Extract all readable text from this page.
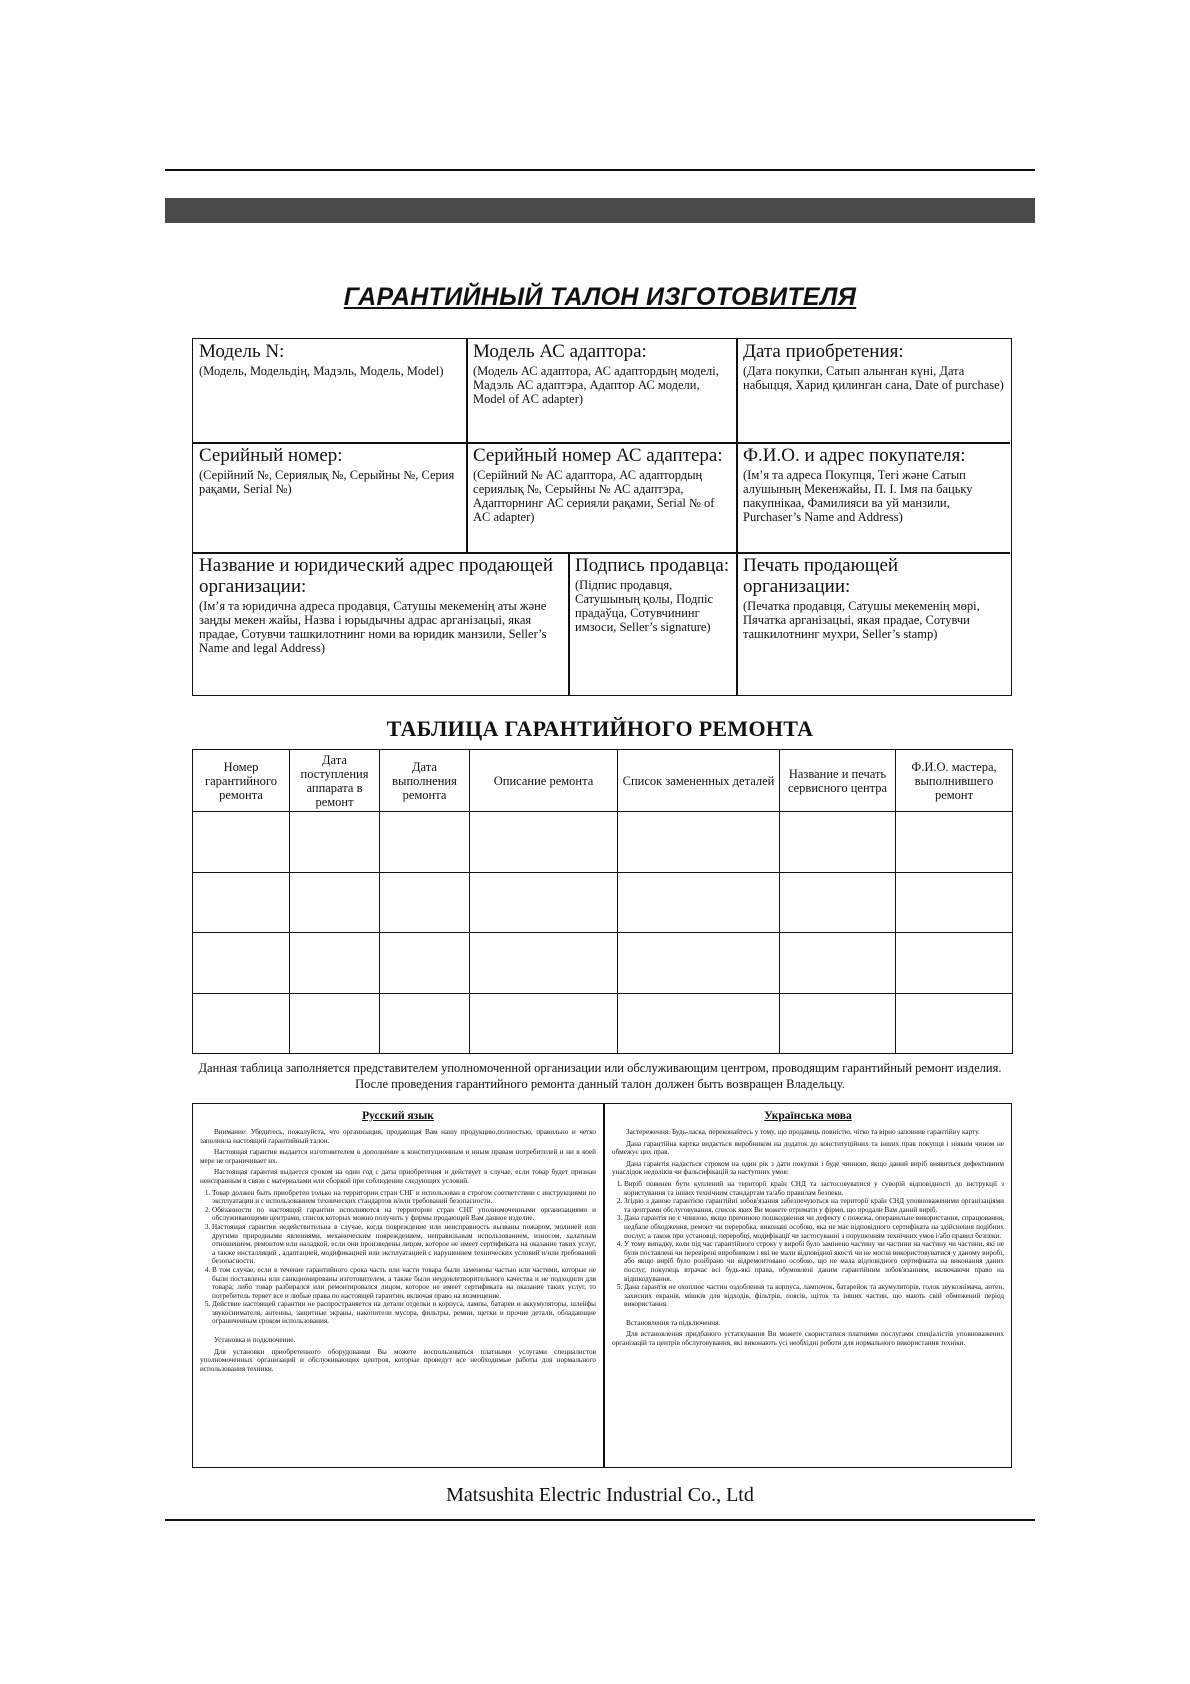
ГАРАНТИЙНЫЙ ТАЛОН ИЗГОТОВИТЕЛЯ
Модель N:
(Модель, Модельдің, Мадэль, Модель, Model)
Модель АС адаптора:
(Модель АС адаптора, АС адаптордың моделі, Мадэль АС адаптэра, Адаптор АС модели, Model of AC adapter)
Дата приобретения:
(Дата покупки, Сатып алынған күні, Дата набыцця, Харид қилинган сана, Date of purchase)
Серийный номер:
(Серійний №, Сериялық №, Серыйны №, Серия рақами, Serial №)
Серийный номер АС адаптера:
(Серійний № АС адаптора, АС адаптордың сериялық №, Серыйны № АС адаптэра, Адапторнинг АС серияли рақами, Serial № of AC adapter)
Ф.И.О. и адрес покупателя:
(Ім’я та адреса Покупця, Тегі және Сатып алушының Мекенжайы, П. І. Імя па бацьку пакупнікаа, Фамилияси ва уй манзили, Purchaser’s Name and Address)
Название и юридический адрес продающей организации:
(Ім’я та юридична адреса продавця, Сатушы мекеменің аты және заңды мекен жайы, Назва і юрыдычны адрас арганізацыі, якая прадае, Сотувчи ташкилотнинг номи ва юридик манзили, Seller’s Name and legal Address)
Подпись продавца:
(Підпис продавця, Сатушының қолы, Подпіс прадаўца, Сотувчининг имзоси, Seller’s signature)
Печать продающей организации:
(Печатка продавця, Сатушы мекеменің мөрі, Пячатка арганізацыі, якая прадае, Сотувчи ташкилотнинг мухри, Seller’s stamp)
ТАБЛИЦА ГАРАНТИЙНОГО РЕМОНТА
Номер гарантийного ремонта	Дата поступления аппарата в ремонт	Дата выполнения ремонта	Описание ремонта	Список замененных деталей	Название и печать сервисного центра	Ф.И.О. мастера, выполнившего ремонт

Данная таблица заполняется представителем уполномоченной организации или обслуживающим центром, проводящим гарантийный ремонт изделия.
После проведения гарантийного ремонта данный талон должен быть возвращен Владельцу.
Русский язык

Внимание: Убедитесь, пожалуйста, что организация, продающая Вам нашу продукцию,полностью, правильно и четко заполнила настоящий гарантийный талон.

Настоящая гарантия выдается изготовителем в дополнение к конституционным и иным правам потребителей и ни в коей мере не ограничивает их.

Настоящая гарантия выдается сроком на один год с даты приобретения и действует в случае, если товар будет признан неисправным в связи с материалами или сборкой при соблюдении следующих условий.

1. Товар должен быть приобретен только на территории стран СНГ и использован в строгом соответствии с инструкциями по эксплуатации и с использованием технических стандартов и/или требований безопасности.
2. Обязанности по настоящей гарантии исполняются на территории стран СНГ уполномоченными организациями и обслуживающими центрами, список которых можно получить у фирмы продающей Вам данное изделие.
3. Настоящая гарантия недействительна в случае, когда повреждение или неисправность вызваны пожаром, молнией или другими природными явлениями, механическим повреждением, неправильным использованием, износом, халатным отношением, ремонтом или наладкой, если они произведены лицом, которое не имеет сертификата на оказание таких услуг, а также инсталляций , адаптацией, модификацией или эксплуатацией с нарушением технических условий и/или требований безопасности.
4. В том случае, если в течение гарантийного срока часть или части товара были заменены частью или частями, которые не были поставлены или санкционированы изготовителем, а также были неудовлетворительного качества и не подходили для товара; либо товар разбирался или ремонтировался лицом, которое не имеет сертификата на оказание таких услуг, то потребитель теряет все и любые права по настоящей гарантии, включая право на возмещение.
5. Действие настоящей гарантии не распространяется на детали отделки и корпуса, лампы, батареи и аккумуляторы, шлейфы звукоснимателя, антенны, защитные экраны, накопители мусора, фильтры, ремни, щетки и прочие детали, обладающие ограниченным сроком использования.

Установка и подключение.

Для установки приобретенного оборудования Вы можете воспользоваться платными услугами специалистов уполномоченных организаций и обслуживающих центров, которые проведут все необходимые работы для нормального использования техники.

Українська мова

Застереження: Будь-ласка, переконайтесь у тому, що продавець повністю, чітко та вірно заповнив гарантійну карту.

Дана гарантійна картка видається виробником на додаток до конституційних та інших прав покупця і ніяким чином не обмежує цих прав.

Дана гарантія надається строком на один рік з дати покупки і буде чинною, якщо даний виріб виявиться дефективним унаслідок недоліків чи фальсифікацій за наступних умов:

1. Виріб повинен бути куплений на території країн СНД та застосовуватися у суворій відповідності до інструкції з користування та інших технічним стандартам та/або правилам безпеки.
2. Згідно з даною гарантією гарантійні зобов'язання забезпечуються на території країн СНД уповноваженими організаціями та центрами обслуговування, список яких Ви можете отримати у фірми, що продали Вам даний виріб.
3. Дана гарантія не є чинною, якщо причиною пошкодження чи дефекту є пожежа, операвильне використання, спрацювання, недбале обходження, ремонт чи переробка, виконані особою, яка не має відповідного сертифіката на здійснення подібних послуг, а також при установці, переробці, модифікації чи застосуванні з порушенням технічних умов і/або правил безпеки.
4. У тому випадку, коли під час гарантійного строку у виробі було замінено частину чи частини на частину чи частини, які не були поставлені чи перевірені виробником і які не мали відповідної якості чи не могли використовуватися у даному виробі, або якщо виріб було розібрано чи відремонтовано особою, що не мала відповідного сертифіката на виконання даних послуг, покупець втрачає всі будь-які права, обумовлені даним гарантійним зобов'язанням, включаючи право на відшкодування.
5. Дана гарантія не охоплює частин оздоблення та корпуса, лампочок, батарейок та акумуляторів, голок звукознімача, антен, захисних екранів, мішків для відходів, фільтрів, поясів, щіток та інших частин, що мають свій обмежений період використання.

Встановлення та підключення.

Для встановлення придбаного устаткування Ви можете скористатися платними послугами спеціалістів уповноважених організацій та центрів обслуговування, які виконають усі необхідні роботи для нормального використання техніки.

Matsushita Electric Industrial Co., Ltd
